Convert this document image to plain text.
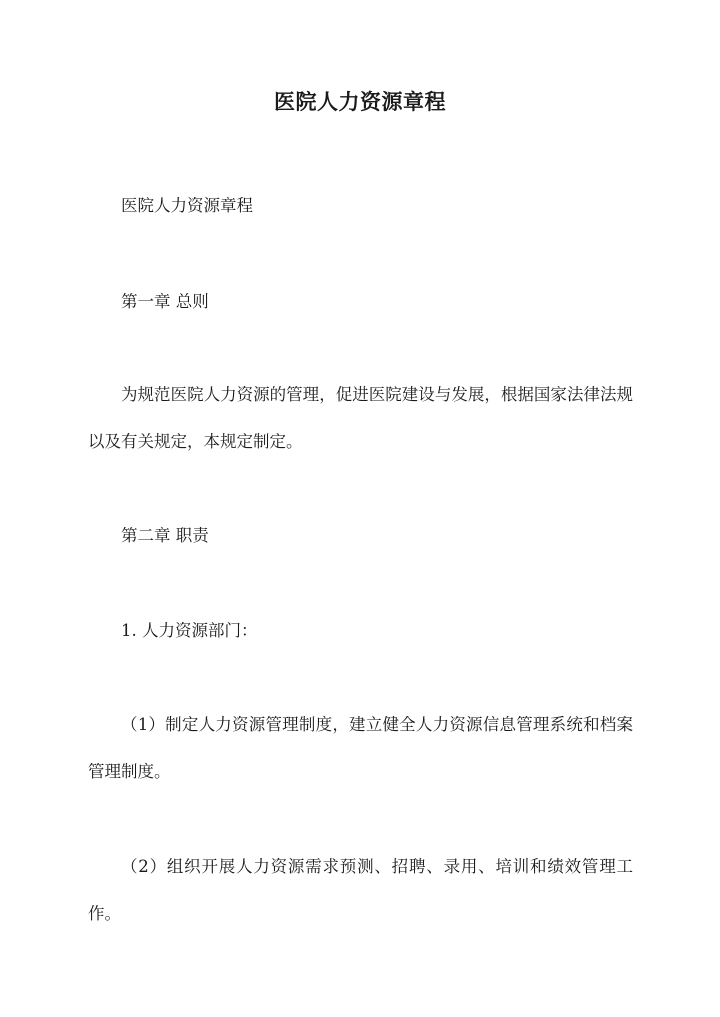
医院人力资源章程

医院人力资源章程

第一章 总则

为规范医院人力资源的管理，促进医院建设与发展，根据国家法律法规以及有关规定，本规定制定。

第二章 职责

1. 人力资源部门：

（1）制定人力资源管理制度，建立健全人力资源信息管理系统和档案管理制度。

（2）组织开展人力资源需求预测、招聘、录用、培训和绩效管理工作。
